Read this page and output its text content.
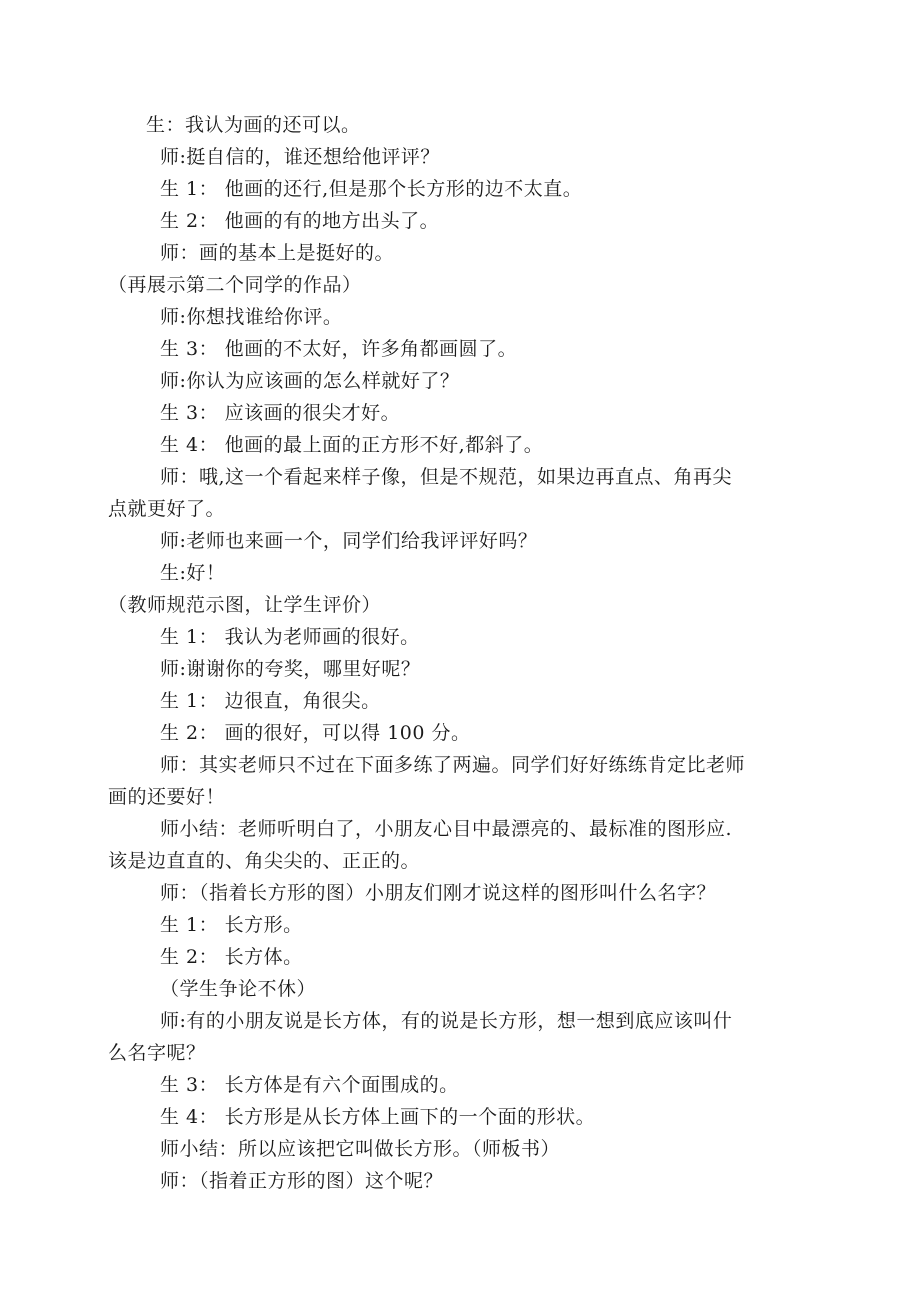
生：我认为画的还可以。
师:挺自信的，谁还想给他评评？
生 1： 他画的还行,但是那个长方形的边不太直。
生 2： 他画的有的地方出头了。
师：画的基本上是挺好的。
（再展示第二个同学的作品）
师:你想找谁给你评。
生 3： 他画的不太好，许多角都画圆了。
师:你认为应该画的怎么样就好了？
生 3： 应该画的很尖才好。
生 4： 他画的最上面的正方形不好,都斜了。
师：哦,这一个看起来样子像，但是不规范，如果边再直点、角再尖
点就更好了。
师:老师也来画一个，同学们给我评评好吗？
生:好！
（教师规范示图，让学生评价）
生 1： 我认为老师画的很好。
师:谢谢你的夸奖，哪里好呢？
生 1： 边很直，角很尖。
生 2： 画的很好，可以得 100 分。
师：其实老师只不过在下面多练了两遍。同学们好好练练肯定比老师
画的还要好！
师小结：老师听明白了，小朋友心目中最漂亮的、最标准的图形应.
该是边直直的、角尖尖的、正正的。
师：（指着长方形的图）小朋友们刚才说这样的图形叫什么名字？
生 1： 长方形。
生 2： 长方体。
（学生争论不休）
师:有的小朋友说是长方体，有的说是长方形，想一想到底应该叫什
么名字呢？
生 3： 长方体是有六个面围成的。
生 4： 长方形是从长方体上画下的一个面的形状。
师小结：所以应该把它叫做长方形。（师板书）
师：（指着正方形的图）这个呢？
